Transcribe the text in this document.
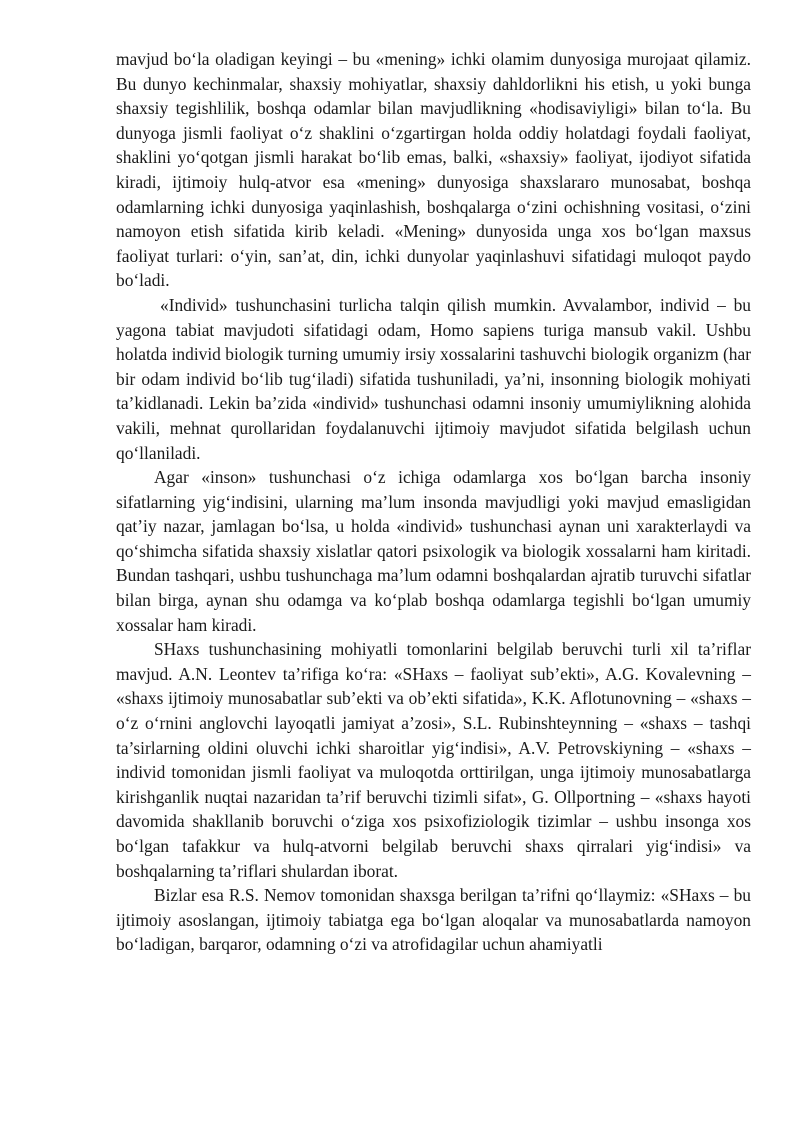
mavjud bo‘la oladigan keyingi – bu «mening» ichki olamim dunyosiga murojaat qilamiz. Bu dunyo kechinmalar, shaxsiy mohiyatlar, shaxsiy dahldorlikni his etish, u yoki bunga shaxsiy tegishlilik, boshqa odamlar bilan mavjudlikning «hodisaviyligi» bilan to‘la. Bu dunyoga jismli faoliyat o‘z shaklini o‘zgartirgan holda oddiy holatdagi foydali faoliyat, shaklini yo‘qotgan jismli harakat bo‘lib emas, balki, «shaxsiy» faoliyat, ijodiyot sifatida kiradi, ijtimoiy hulq-atvor esa «mening» dunyosiga shaxslararo munosabat, boshqa odamlarning ichki dunyosiga yaqinlashish, boshqalarga o‘zini ochishning vositasi, o‘zini namoyon etish sifatida kirib keladi. «Mening» dunyosida unga xos bo‘lgan maxsus faoliyat turlari: o‘yin, san’at, din, ichki dunyolar yaqinlashuvi sifatidagi muloqot paydo bo‘ladi.

«Individ» tushunchasini turlicha talqin qilish mumkin. Avvalambor, individ – bu yagona tabiat mavjudoti sifatidagi odam, Homo sapiens turiga mansub vakil. Ushbu holatda individ biologik turning umumiy irsiy xossalarini tashuvchi biologik organizm (har bir odam individ bo‘lib tug‘iladi) sifatida tushuniladi, ya’ni, insonning biologik mohiyati ta’kidlanadi. Lekin ba’zida «individ» tushunchasi odamni insoniy umumiylikning alohida vakili, mehnat qurollaridan foydalanuvchi ijtimoiy mavjudot sifatida belgilash uchun qo‘llaniladi.

Agar «inson» tushunchasi o‘z ichiga odamlarga xos bo‘lgan barcha insoniy sifatlarning yig‘indisini, ularning ma’lum insonda mavjudligi yoki mavjud emasligidan qat’iy nazar, jamlagan bo‘lsa, u holda «individ» tushunchasi aynan uni xarakterlaydi va qo‘shimcha sifatida shaxsiy xislatlar qatori psixologik va biologik xossalarni ham kiritadi. Bundan tashqari, ushbu tushunchaga ma’lum odamni boshqalardan ajratib turuvchi sifatlar bilan birga, aynan shu odamga va ko‘plab boshqa odamlarga tegishli bo‘lgan umumiy xossalar ham kiradi.

SHaxs tushunchasining mohiyatli tomonlarini belgilab beruvchi turli xil ta’riflar mavjud. A.N. Leontev ta’rifiga ko‘ra: «SHaxs – faoliyat sub’ekti», A.G. Kovalevning – «shaxs ijtimoiy munosabatlar sub’ekti va ob’ekti sifatida», K.K. Aflotunovning – «shaxs – o‘z o‘rnini anglovchi layoqatli jamiyat a’zosi», S.L. Rubinshteynning – «shaxs – tashqi ta’sirlarning oldini oluvchi ichki sharoitlar yig‘indisi», A.V. Petrovskiyning – «shaxs – individ tomonidan jismli faoliyat va muloqotda orttirilgan, unga ijtimoiy munosabatlarga kirishganlik nuqtai nazaridan ta’rif beruvchi tizimli sifat», G. Ollportning – «shaxs hayoti davomida shakllanib boruvchi o‘ziga xos psixofiziologik tizimlar – ushbu insonga xos bo‘lgan tafakkur va hulq-atvorni belgilab beruvchi shaxs qirralari yig‘indisi» va boshqalarning ta’riflari shulardan iborat.

Bizlar esa R.S. Nemov tomonidan shaxsga berilgan ta’rifni qo‘llaymiz: «SHaxs – bu ijtimoiy asoslangan, ijtimoiy tabiatga ega bo‘lgan aloqalar va munosabatlarda namoyon bo‘ladigan, barqaror, odamning o‘zi va atrofidagilar uchun ahamiyatli
